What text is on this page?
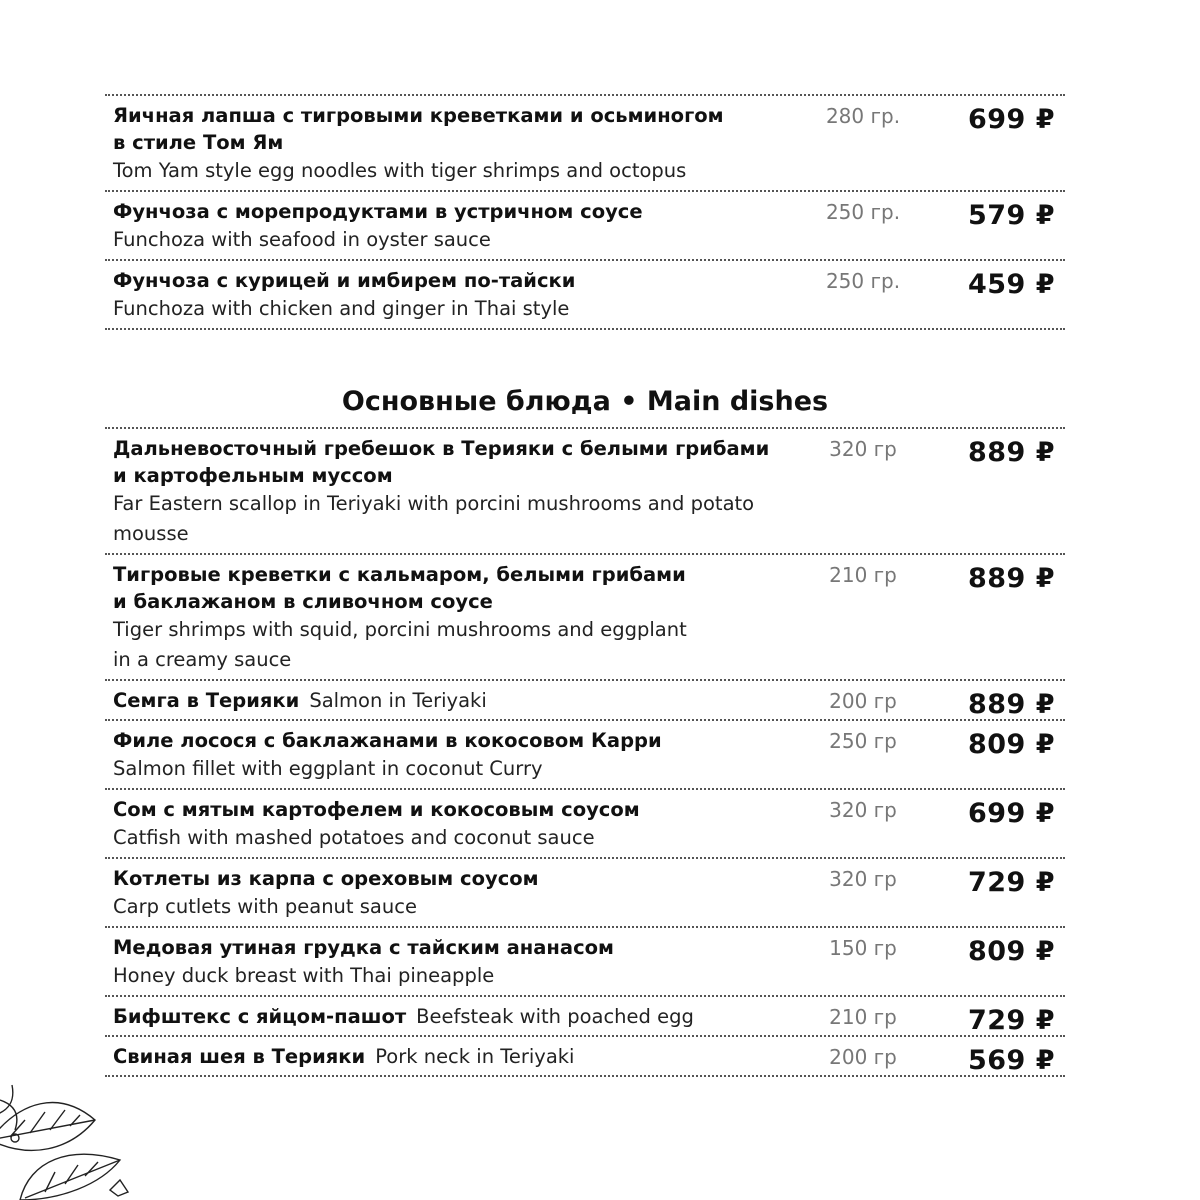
Яичная лапша с тигровыми креветками и осьминогом
в стиле Том Ям
Tom Yam style egg noodles with tiger shrimps and octopus
280 гр.	699 ₽
Фунчоза с морепродуктами в устричном соусе
Funchoza with seafood in oyster sauce
250 гр.	579 ₽
Фунчоза с курицей и имбирем по-тайски
Funchoza with chicken and ginger in Thai style
250 гр.	459 ₽
Основные блюда • Main dishes
Дальневосточный гребешок в Терияки с белыми грибами
и картофельным муссом
Far Eastern scallop in Teriyaki with porcini mushrooms and potato
mousse
320 гр	889 ₽
Тигровые креветки с кальмаром, белыми грибами
и баклажаном в сливочном соусе
Tiger shrimps with squid, porcini mushrooms and eggplant
in a creamy sauce
210 гр	889 ₽
Семга в Терияки Salmon in Teriyaki	200 гр	889 ₽
Филе лосося с баклажанами в кокосовом Карри
Salmon fillet with eggplant in coconut Curry
250 гр	809 ₽
Сом с мятым картофелем и кокосовым соусом
Catfish with mashed potatoes and coconut sauce
320 гр	699 ₽
Котлеты из карпа с ореховым соусом
Carp cutlets with peanut sauce
320 гр	729 ₽
Медовая утиная грудка с тайским ананасом
Honey duck breast with Thai pineapple
150 гр	809 ₽
Бифштекс с яйцом-пашот Beefsteak with poached egg	210 гр	729 ₽
Свиная шея в Терияки Pork neck in Teriyaki	200 гр	569 ₽
